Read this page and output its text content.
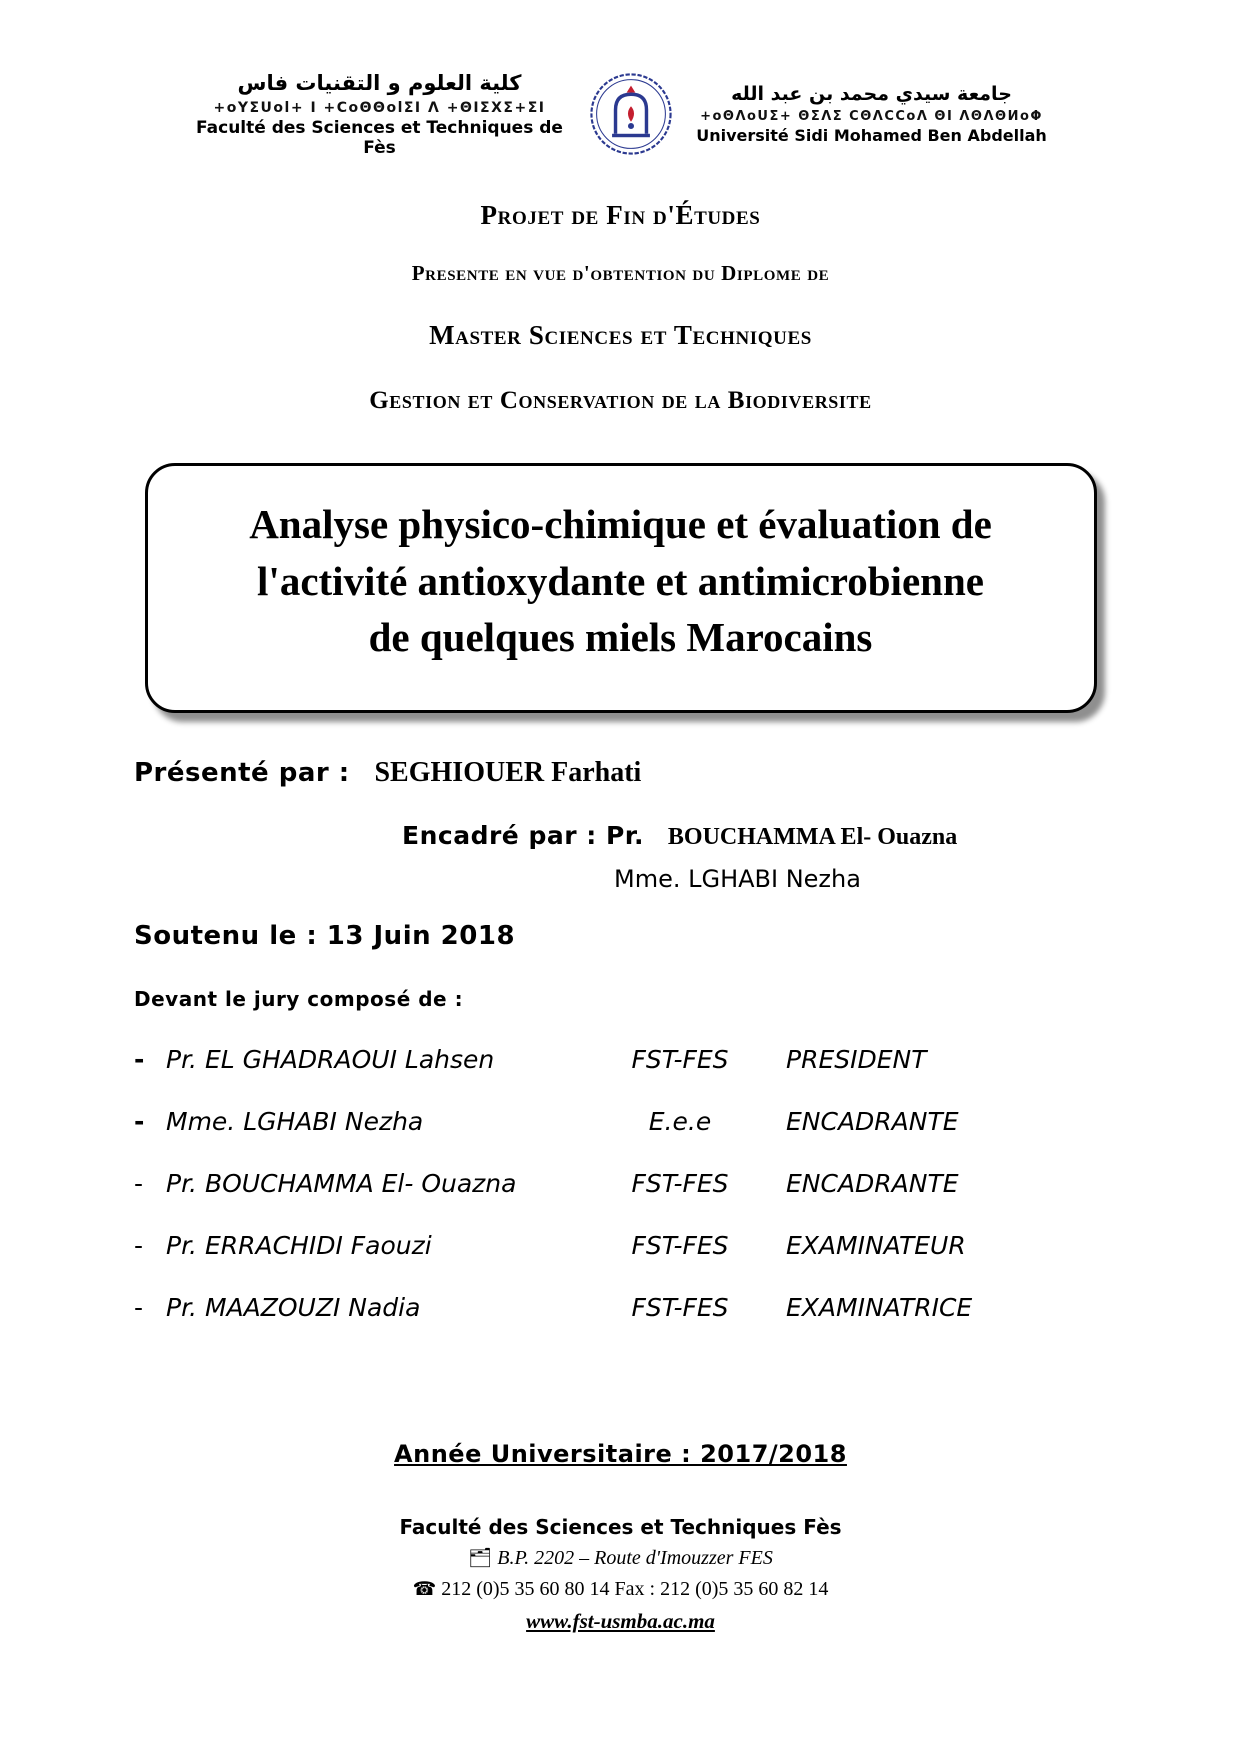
كلية العلوم و التقنيات فاس
+oYΣUol+ I +CoΘΘolΣI Λ +ΘIΣXΣ+ΣI
Faculté des Sciences et Techniques de Fès
جامعة سيدي محمد بن عبد الله
+oΘΛoUΣ+ ΘΣΛΣ CΘΛCCoΛ ΘI ΛΘΛΘИoΦ
Université Sidi Mohamed Ben Abdellah
Projet de Fin d'Études
Presente en vue d'obtention du Diplome de
Master Sciences et Techniques
Gestion et Conservation de la Biodiversite
Analyse physico-chimique et évaluation de
l'activité antioxydante et antimicrobienne
de quelques miels Marocains
Présenté par : SEGHIOUER Farhati
Encadré par : Pr. BOUCHAMMA El- Ouazna
Mme. LGHABI Nezha
Soutenu le : 13 Juin 2018
Devant le jury composé de :
- Pr. EL GHADRAOUI Lahsen	FST-FES	PRESIDENT
- Mme. LGHABI Nezha	E.e.e	ENCADRANTE
- Pr. BOUCHAMMA El- Ouazna	FST-FES	ENCADRANTE
- Pr. ERRACHIDI Faouzi	FST-FES	EXAMINATEUR
- Pr. MAAZOUZI Nadia	FST-FES	EXAMINATRICE
Année Universitaire : 2017/2018
Faculté des Sciences et Techniques Fès
🗂︎ B.P. 2202 – Route d'Imouzzer FES
☎ 212 (0)5 35 60 80 14 Fax : 212 (0)5 35 60 82 14
www.fst-usmba.ac.ma
